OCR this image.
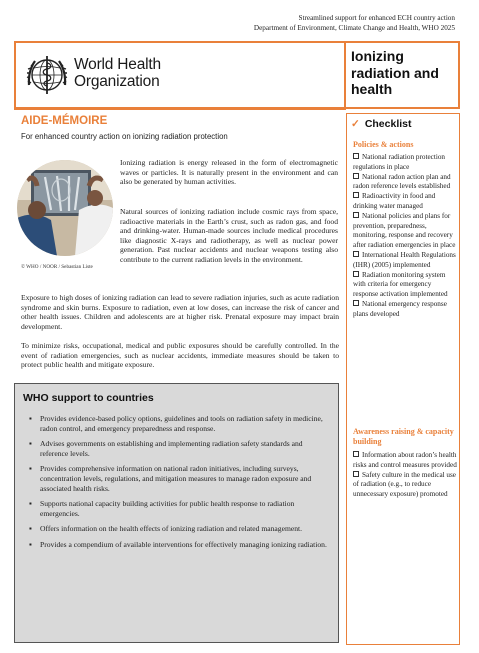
Streamlined support for enhanced ECH country action
Department of Environment, Climate Change and Health, WHO 2025
World Health
Organization
Ionizing
radiation and
health
AIDE-MÉMOIRE
For enhanced country action on ionizing radiation protection
© WHO / NOOR / Sebastian Liste

Ionizing radiation is energy released in the form of electromagnetic waves or particles. It is naturally present in the environment and can also be generated by human activities.

Natural sources of ionizing radiation include cosmic rays from space, radioactive materials in the Earth’s crust, such as radon gas, and food and drinking-water. Human-made sources include medical procedures like diagnostic X-rays and radiotherapy, as well as nuclear power generation. Past nuclear accidents and nuclear weapons testing also contribute to the current radiation levels in the environment.

Exposure to high doses of ionizing radiation can lead to severe radiation injuries, such as acute radiation syndrome and skin burns. Exposure to radiation, even at low doses, can increase the risk of cancer and other health issues. Children and adolescents are at higher risk. Prenatal exposure may impact brain development.

To minimize risks, occupational, medical and public exposures should be carefully controlled. In the event of radiation emergencies, such as nuclear accidents, immediate measures should be taken to protect public health and mitigate exposure.

WHO support to countries
▪ Provides evidence-based policy options, guidelines and tools on radiation safety in medicine, radon control, and emergency preparedness and response.
▪ Advises governments on establishing and implementing radiation safety standards and reference levels.
▪ Provides comprehensive information on national radon initiatives, including surveys, concentration levels, regulations, and mitigation measures to manage radon exposure and associated health risks.
▪ Supports national capacity building activities for public health response to radiation emergencies.
▪ Offers information on the health effects of ionizing radiation and related management.
▪ Provides a compendium of available interventions for effectively managing ionizing radiation.
✓ Checklist
Policies & actions
National radiation protection regulations in place
National radon action plan and radon reference levels established
Radioactivity in food and drinking water managed
National policies and plans for prevention, preparedness, monitoring, response and recovery after radiation emergencies in place
International Health Regulations (IHR) (2005) implemented
Radiation monitoring system with criteria for emergency response activation implemented
National emergency response plans developed
Awareness raising & capacity building
Information about radon’s health risks and control measures provided
Safety culture in the medical use of radiation (e.g., to reduce unnecessary exposure) promoted
